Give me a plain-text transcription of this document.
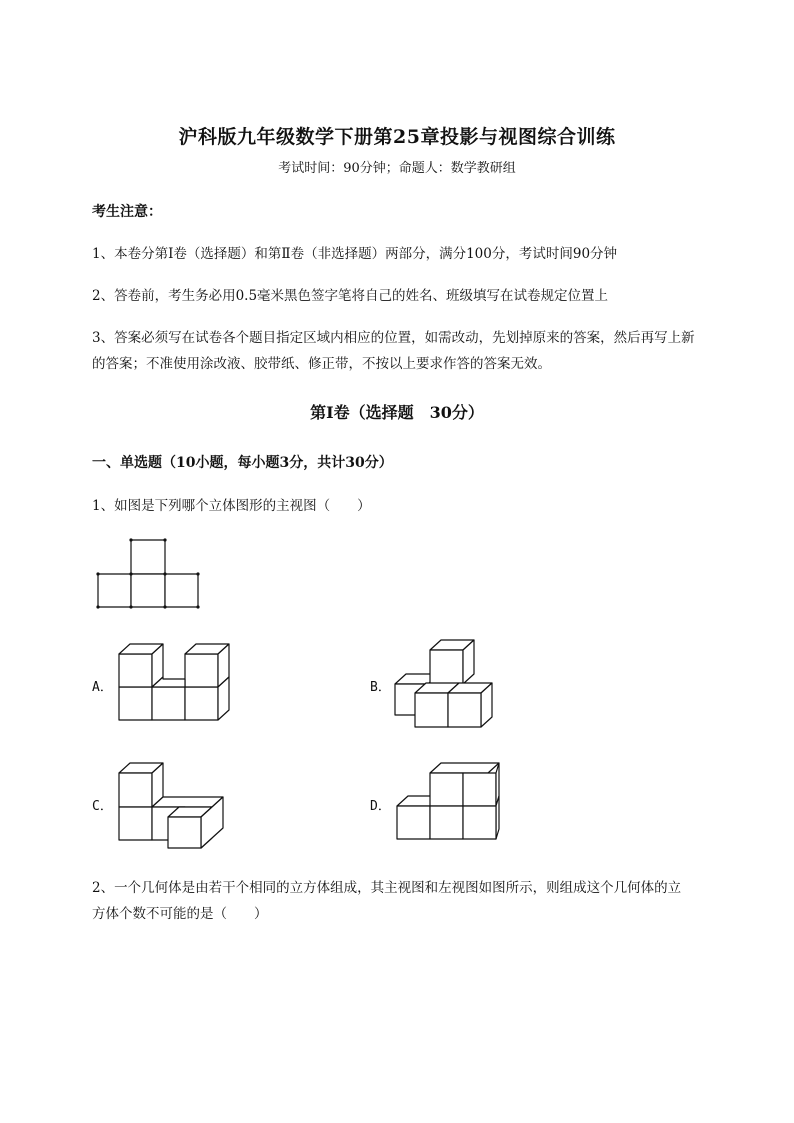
沪科版九年级数学下册第25章投影与视图综合训练
考试时间：90分钟；命题人：数学教研组
考生注意：
1、本卷分第I卷（选择题）和第Ⅱ卷（非选择题）两部分，满分100分，考试时间90分钟
2、答卷前，考生务必用0.5毫米黑色签字笔将自己的姓名、班级填写在试卷规定位置上
3、答案必须写在试卷各个题目指定区域内相应的位置，如需改动，先划掉原来的答案，然后再写上新
的答案；不准使用涂改液、胶带纸、修正带，不按以上要求作答的答案无效。
第I卷（选择题　30分）
一、单选题（10小题，每小题3分，共计30分）
1、如图是下列哪个立体图形的主视图（　　）
A．	B．
C．	D．
2、一个几何体是由若干个相同的立方体组成，其主视图和左视图如图所示，则组成这个几何体的立
方体个数不可能的是（　　）
